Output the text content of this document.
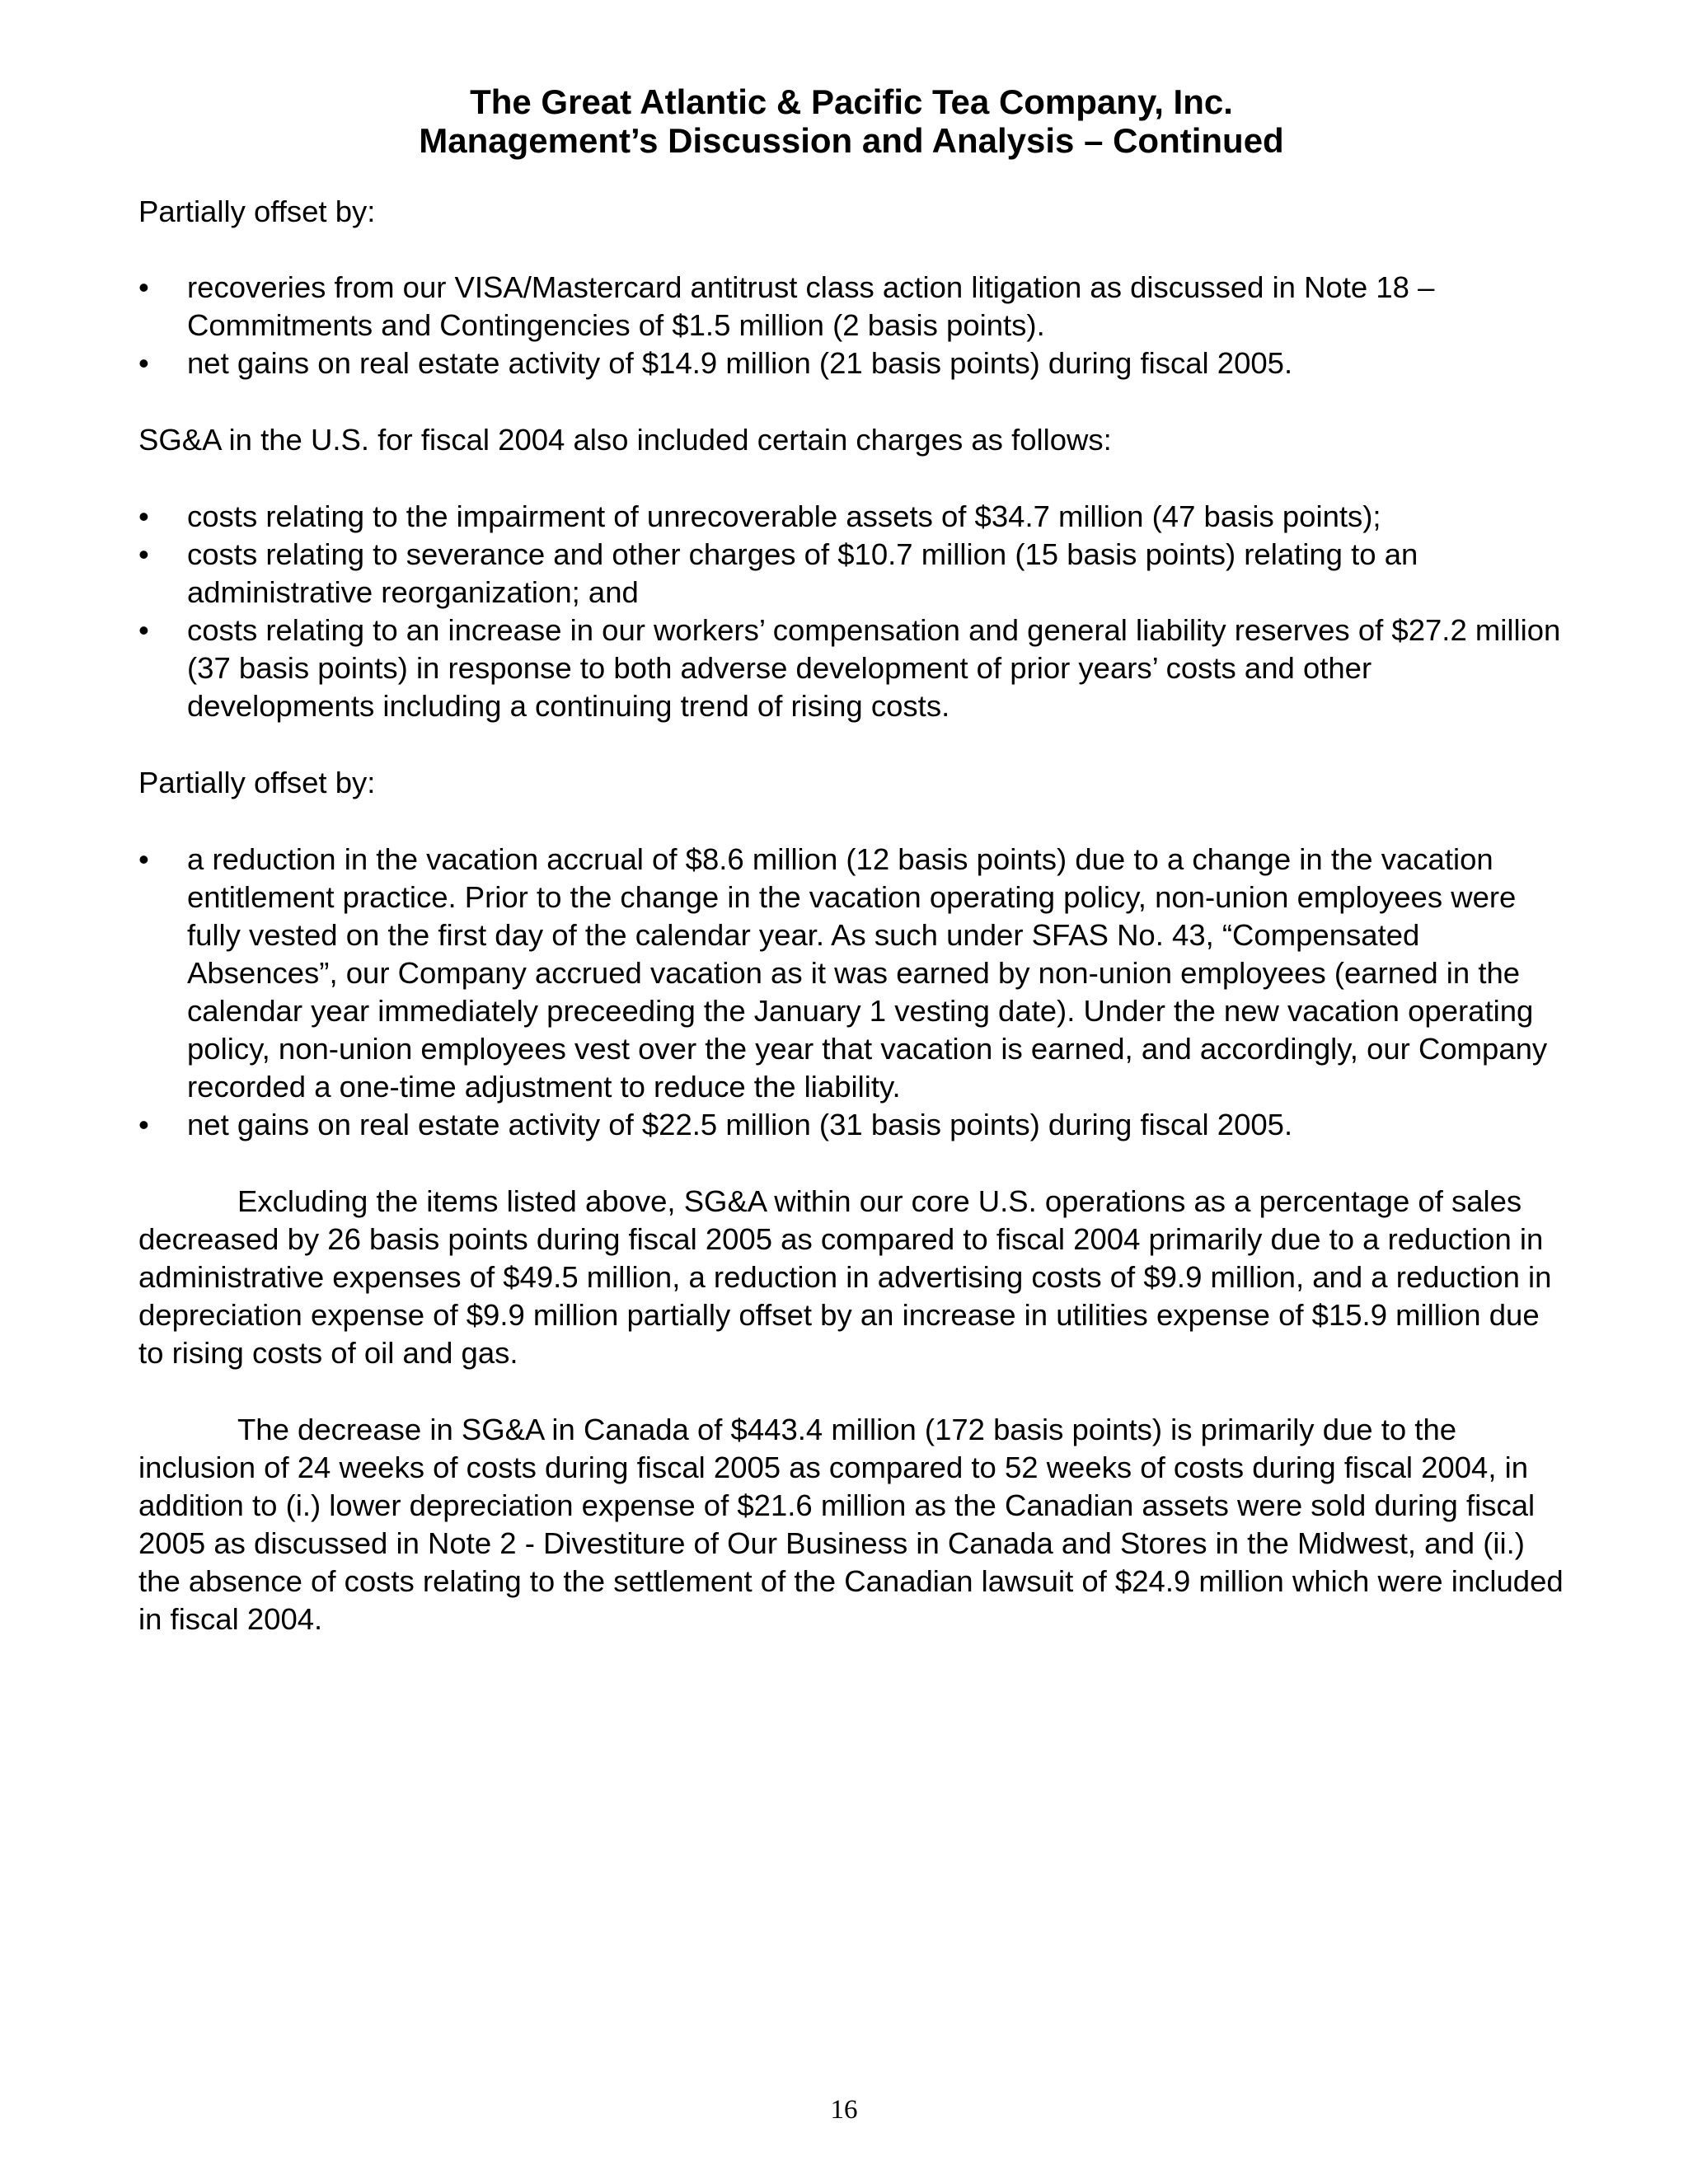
The Great Atlantic & Pacific Tea Company, Inc.
Management’s Discussion and Analysis – Continued

Partially offset by:

•	recoveries from our VISA/Mastercard antitrust class action litigation as discussed in Note 18 – Commitments and Contingencies of $1.5 million (2 basis points).
•	net gains on real estate activity of $14.9 million (21 basis points) during fiscal 2005.

SG&A in the U.S. for fiscal 2004 also included certain charges as follows:

•	costs relating to the impairment of unrecoverable assets of $34.7 million (47 basis points);
•	costs relating to severance and other charges of $10.7 million (15 basis points) relating to an administrative reorganization; and
•	costs relating to an increase in our workers’ compensation and general liability reserves of $27.2 million (37 basis points) in response to both adverse development of prior years’ costs and other developments including a continuing trend of rising costs.

Partially offset by:

•	a reduction in the vacation accrual of $8.6 million (12 basis points) due to a change in the vacation entitlement practice. Prior to the change in the vacation operating policy, non-union employees were fully vested on the first day of the calendar year. As such under SFAS No. 43, “Compensated Absences”, our Company accrued vacation as it was earned by non-union employees (earned in the calendar year immediately preceeding the January 1 vesting date). Under the new vacation operating policy, non-union employees vest over the year that vacation is earned, and accordingly, our Company recorded a one-time adjustment to reduce the liability.
•	net gains on real estate activity of $22.5 million (31 basis points) during fiscal 2005.

Excluding the items listed above, SG&A within our core U.S. operations as a percentage of sales decreased by 26 basis points during fiscal 2005 as compared to fiscal 2004 primarily due to a reduction in administrative expenses of $49.5 million, a reduction in advertising costs of $9.9 million, and a reduction in depreciation expense of $9.9 million partially offset by an increase in utilities expense of $15.9 million due to rising costs of oil and gas.

The decrease in SG&A in Canada of $443.4 million (172 basis points) is primarily due to the inclusion of 24 weeks of costs during fiscal 2005 as compared to 52 weeks of costs during fiscal 2004, in addition to (i.) lower depreciation expense of $21.6 million as the Canadian assets were sold during fiscal 2005 as discussed in Note 2 - Divestiture of Our Business in Canada and Stores in the Midwest, and (ii.) the absence of costs relating to the settlement of the Canadian lawsuit of $24.9 million which were included in fiscal 2004.

16
